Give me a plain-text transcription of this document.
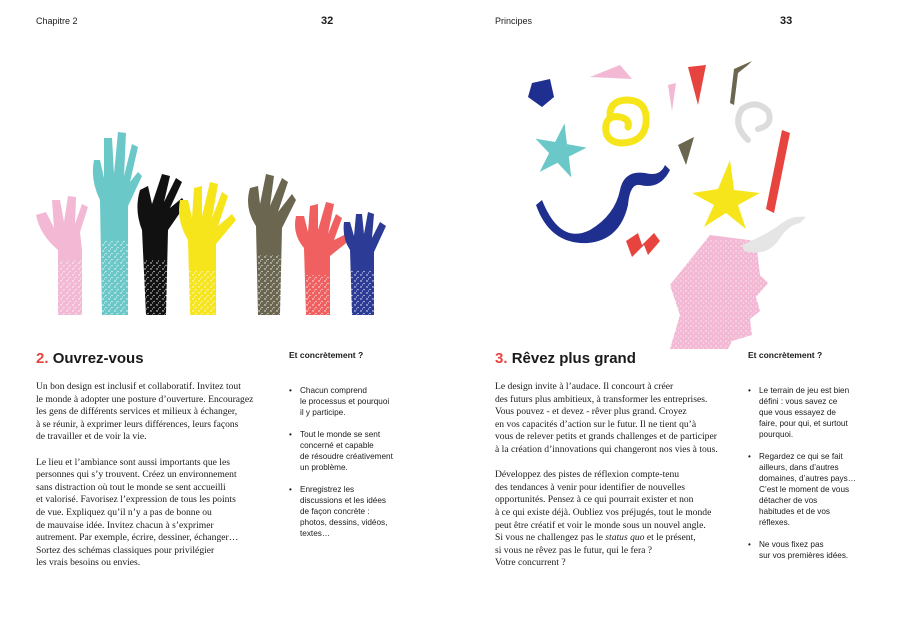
Chapitre 2	32
2. Ouvrez-vous	Et concrètement ?

Un bon design est inclusif et collaboratif. Invitez tout
le monde à adopter une posture d’ouverture. Encouragez
les gens de différents services et milieux à échanger,
à se réunir, à exprimer leurs différences, leurs façons
de travailler et de voir la vie.

Le lieu et l’ambiance sont aussi importants que les
personnes qui s’y trouvent. Créez un environnement
sans distraction où tout le monde se sent accueilli
et valorisé. Favorisez l’expression de tous les points
de vue. Expliquez qu’il n’y a pas de bonne ou
de mauvaise idée. Invitez chacun à s’exprimer
autrement. Par exemple, écrire, dessiner, échanger…
Sortez des schémas classiques pour privilégier
les vrais besoins ou envies.

• Chacun comprend
le processus et pourquoi
il y participe.
• Tout le monde se sent
concerné et capable
de résoudre créativement
un problème.
• Enregistrez les
discussions et les idées
de façon concrète :
photos, dessins, vidéos,
textes…
Principes	33
3. Rêvez plus grand	Et concrètement ?

Le design invite à l’audace. Il concourt à créer
des futurs plus ambitieux, à transformer les entreprises.
Vous pouvez - et devez - rêver plus grand. Croyez
en vos capacités d’action sur le futur. Il ne tient qu’à
vous de relever petits et grands challenges et de participer
à la création d’innovations qui changeront nos vies à tous.

Développez des pistes de réflexion compte-tenu
des tendances à venir pour identifier de nouvelles
opportunités. Pensez à ce qui pourrait exister et non
à ce qui existe déjà. Oubliez vos préjugés, tout le monde
peut être créatif et voir le monde sous un nouvel angle.
Si vous ne challengez pas le status quo et le présent,
si vous ne rêvez pas le futur, qui le fera ?
Votre concurrent ?

• Le terrain de jeu est bien
défini : vous savez ce
que vous essayez de
faire, pour qui, et surtout
pourquoi.
• Regardez ce qui se fait
ailleurs, dans d’autres
domaines, d’autres pays…
C’est le moment de vous
détacher de vos
habitudes et de vos
réflexes.
• Ne vous fixez pas
sur vos premières idées.
